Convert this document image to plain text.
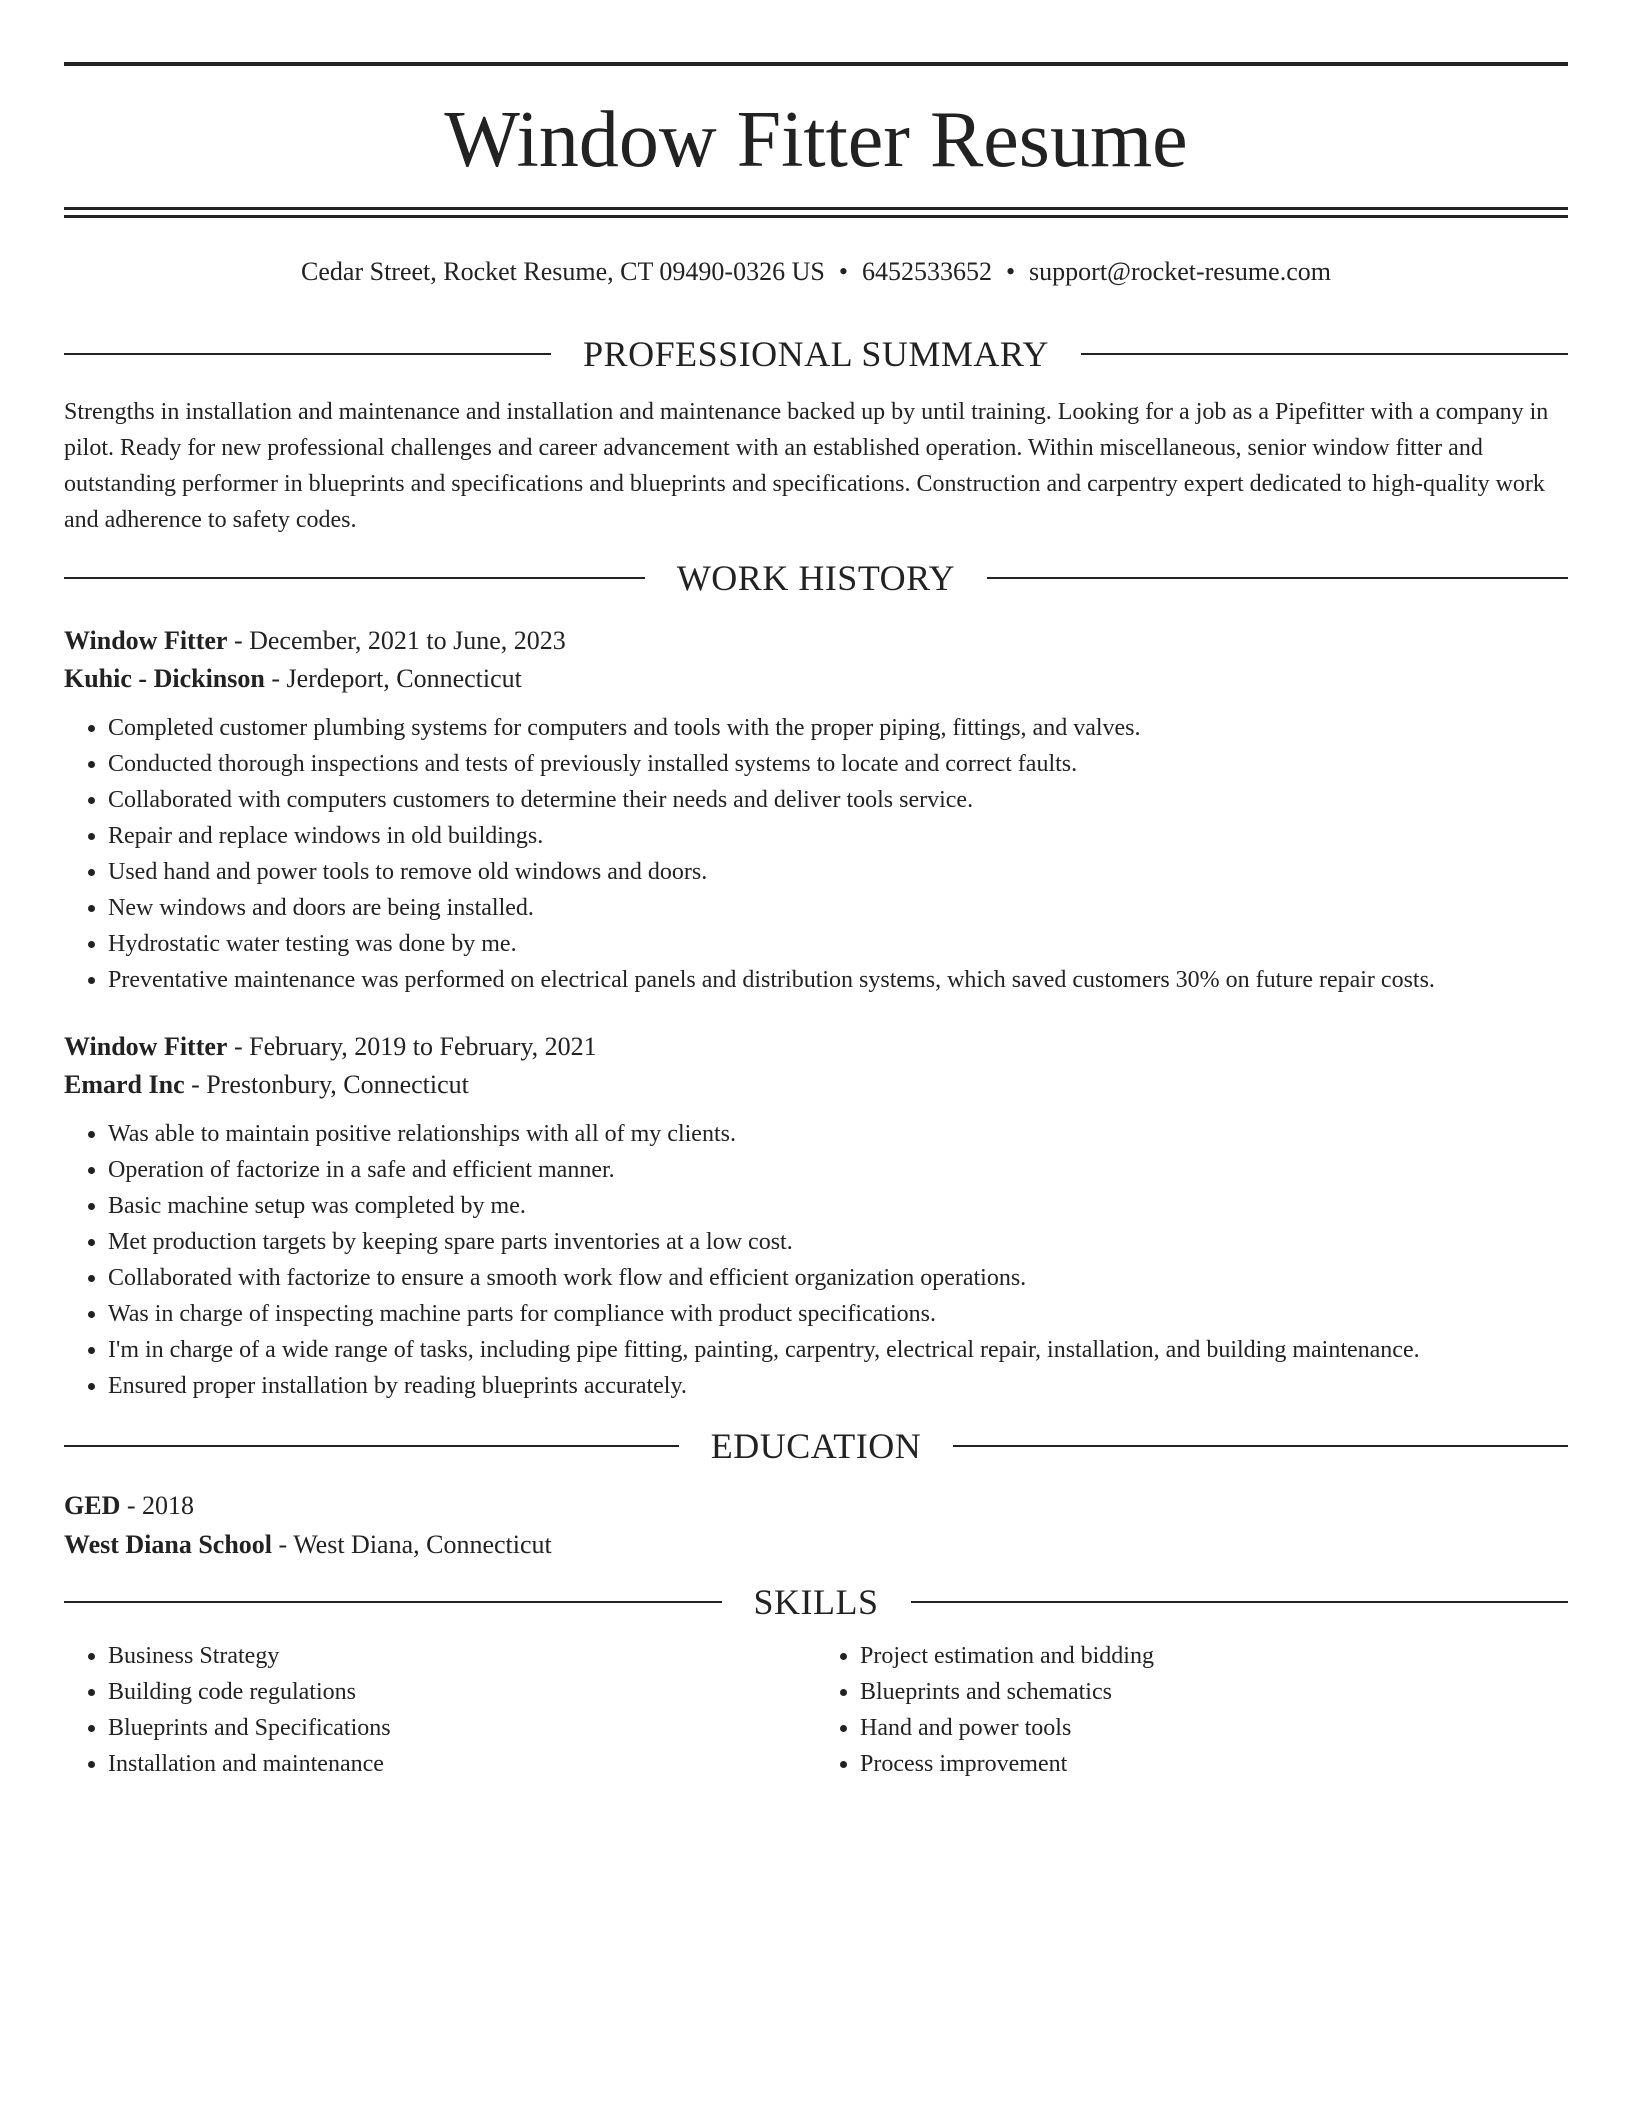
Window Fitter Resume
Cedar Street, Rocket Resume, CT 09490-0326 US • 6452533652 • support@rocket-resume.com
PROFESSIONAL SUMMARY

Strengths in installation and maintenance and installation and maintenance backed up by until training. Looking for a job as a Pipefitter with a company in pilot. Ready for new professional challenges and career advancement with an established operation. Within miscellaneous, senior window fitter and outstanding performer in blueprints and specifications and blueprints and specifications. Construction and carpentry expert dedicated to high-quality work and adherence to safety codes.

WORK HISTORY
Window Fitter - December, 2021 to June, 2023
Kuhic - Dickinson - Jerdeport, Connecticut
• Completed customer plumbing systems for computers and tools with the proper piping, fittings, and valves.
• Conducted thorough inspections and tests of previously installed systems to locate and correct faults.
• Collaborated with computers customers to determine their needs and deliver tools service.
• Repair and replace windows in old buildings.
• Used hand and power tools to remove old windows and doors.
• New windows and doors are being installed.
• Hydrostatic water testing was done by me.
• Preventative maintenance was performed on electrical panels and distribution systems, which saved customers 30% on future repair costs.
Window Fitter - February, 2019 to February, 2021
Emard Inc - Prestonbury, Connecticut
• Was able to maintain positive relationships with all of my clients.
• Operation of factorize in a safe and efficient manner.
• Basic machine setup was completed by me.
• Met production targets by keeping spare parts inventories at a low cost.
• Collaborated with factorize to ensure a smooth work flow and efficient organization operations.
• Was in charge of inspecting machine parts for compliance with product specifications.
• I'm in charge of a wide range of tasks, including pipe fitting, painting, carpentry, electrical repair, installation, and building maintenance.
• Ensured proper installation by reading blueprints accurately.
EDUCATION
GED - 2018
West Diana School - West Diana, Connecticut
SKILLS
• Business Strategy
• Building code regulations
• Blueprints and Specifications
• Installation and maintenance
• Project estimation and bidding
• Blueprints and schematics
• Hand and power tools
• Process improvement
